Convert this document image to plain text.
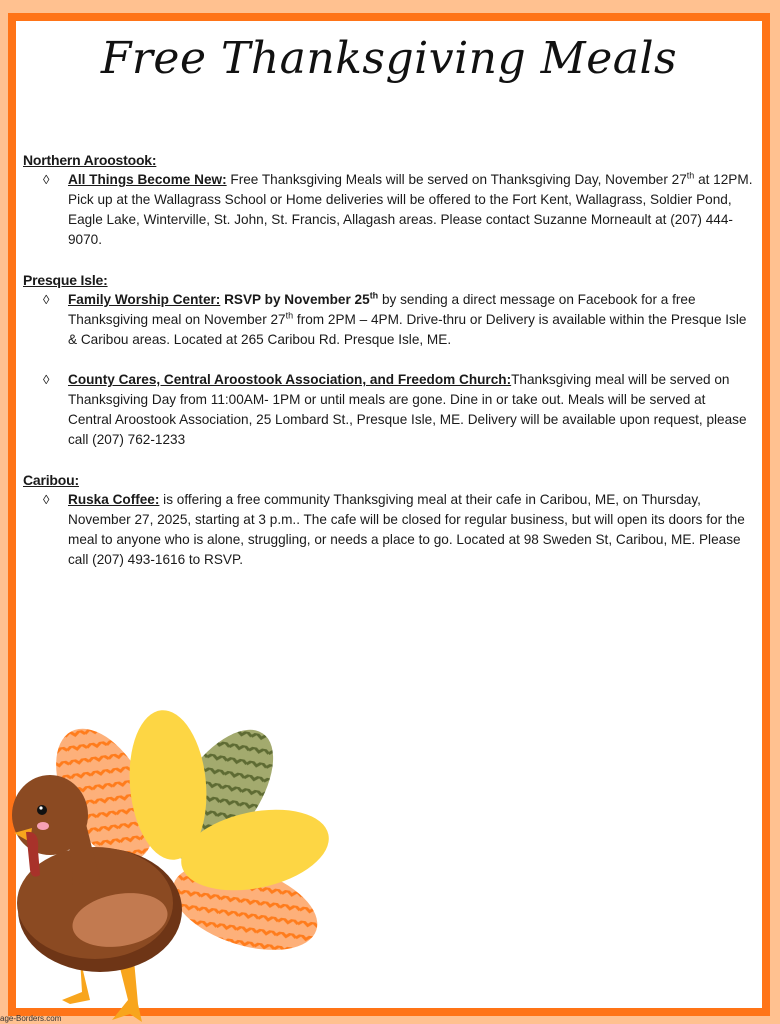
Free Thanksgiving Meals

Northern Aroostook:

◊ All Things Become New: Free Thanksgiving Meals will be served on Thanksgiving Day, November 27th at 12PM. Pick up at the Wallagrass School or Home deliveries will be offered to the Fort Kent, Wallagrass, Soldier Pond, Eagle Lake, Winterville, St. John, St. Francis, Allagash areas. Please contact Suzanne Morneault at (207) 444-9070.

Presque Isle:

◊ Family Worship Center: RSVP by November 25th by sending a direct message on Facebook for a free Thanksgiving meal on November 27th from 2PM – 4PM. Drive-thru or Delivery is available within the Presque Isle & Caribou areas. Located at 265 Caribou Rd. Presque Isle, ME.

◊ County Cares, Central Aroostook Association, and Freedom Church:Thanksgiving meal will be served on Thanksgiving Day from 11:00AM- 1PM or until meals are gone. Dine in or take out. Meals will be served at Central Aroostook Association, 25 Lombard St., Presque Isle, ME. Delivery will be available upon request, please call (207) 762-1233

Caribou:

◊ Ruska Coffee: is offering a free community Thanksgiving meal at their cafe in Caribou, ME, on Thursday, November 27, 2025, starting at 3 p.m.. The cafe will be closed for regular business, but will open its doors for the meal to anyone who is alone, struggling, or needs a place to go. Located at 98 Sweden St, Caribou, ME. Please call (207) 493-1616 to RSVP.

age-Borders.com
